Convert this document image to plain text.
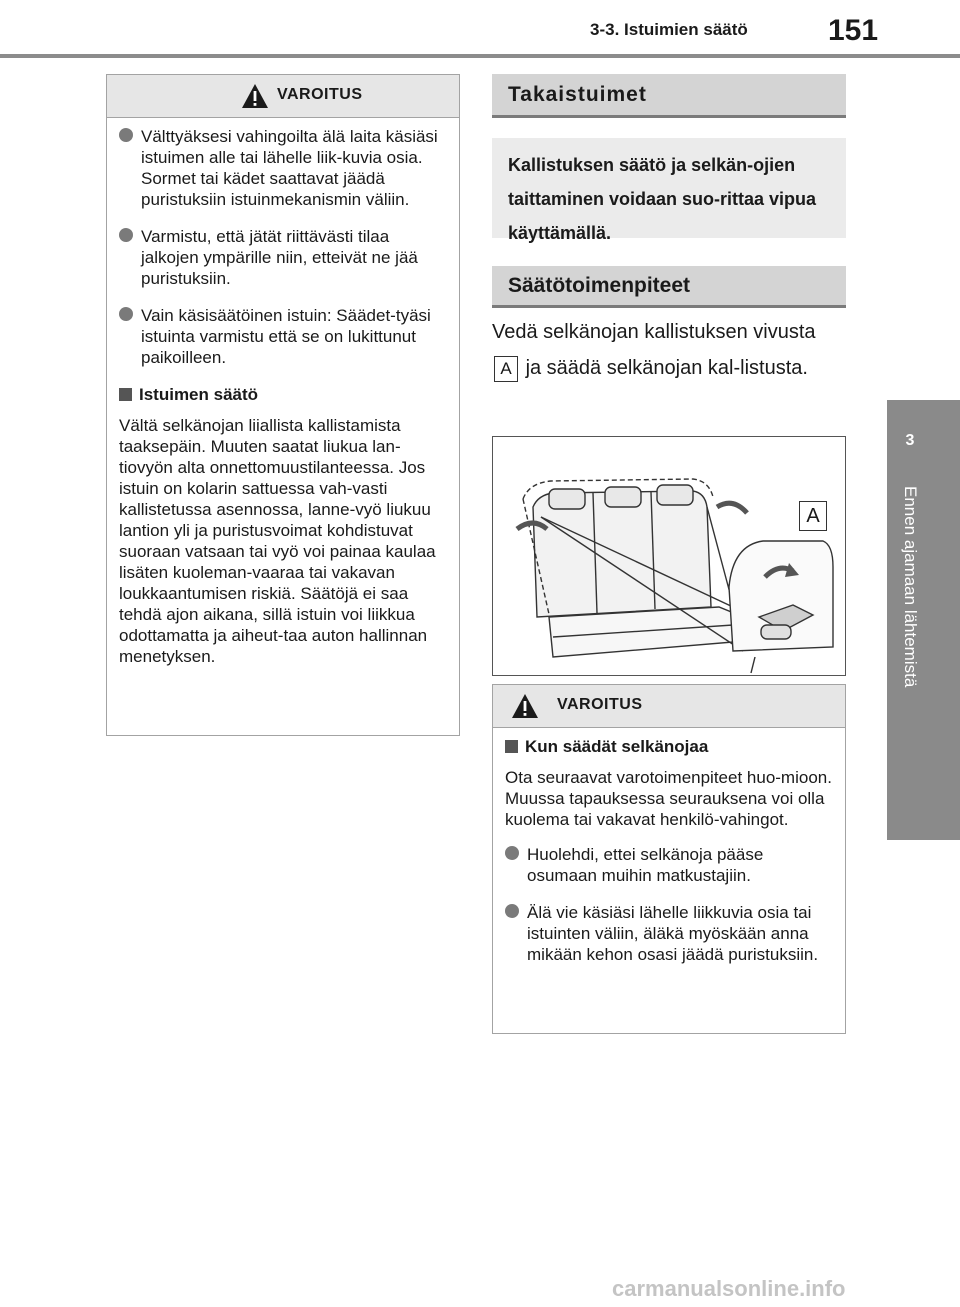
3-3. Istuimien säätö	151
3
Ennen ajamaan lähtemistä
VAROITUS
Välttyäksesi vahingoilta älä laita käsiäsi istuimen alle tai lähelle liik-kuvia osia. Sormet tai kädet saattavat jäädä puristuksiin istuinmekanismin väliin.
Varmistu, että jätät riittävästi tilaa jalkojen ympärille niin, etteivät ne jää puristuksiin.
Vain käsisäätöinen istuin: Säädet-tyäsi istuinta varmistu että se on lukittunut paikoilleen.
Istuimen säätö
Vältä selkänojan liiallista kallistamista taaksepäin. Muuten saatat liukua lan-tiovyön alta onnettomuustilanteessa. Jos istuin on kolarin sattuessa vah-vasti kallistetussa asennossa, lanne-vyö liukuu lantion yli ja puristusvoimat kohdistuvat suoraan vatsaan tai vyö voi painaa kaulaa lisäten kuoleman-vaaraa tai vakavan loukkaantumisen riskiä. Säätöjä ei saa tehdä ajon aikana, sillä istuin voi liikkua odottamatta ja aiheut-taa auton hallinnan menetyksen.
Takaistuimet
Kallistuksen säätö ja selkän-ojien taittaminen voidaan suo-rittaa vipua käyttämällä.
Säätötoimenpiteet
Vedä selkänojan kallistuksen vivusta A ja säädä selkänojan kal-listusta.
A
VAROITUS
Kun säädät selkänojaa
Ota seuraavat varotoimenpiteet huo-mioon. Muussa tapauksessa seurauksena voi olla kuolema tai vakavat henkilö-vahingot.
Huolehdi, ettei selkänoja pääse osumaan muihin matkustajiin.
Älä vie käsiäsi lähelle liikkuvia osia tai istuinten väliin, äläkä myöskään anna mikään kehon osasi jäädä puristuksiin.
carmanualsonline.info
